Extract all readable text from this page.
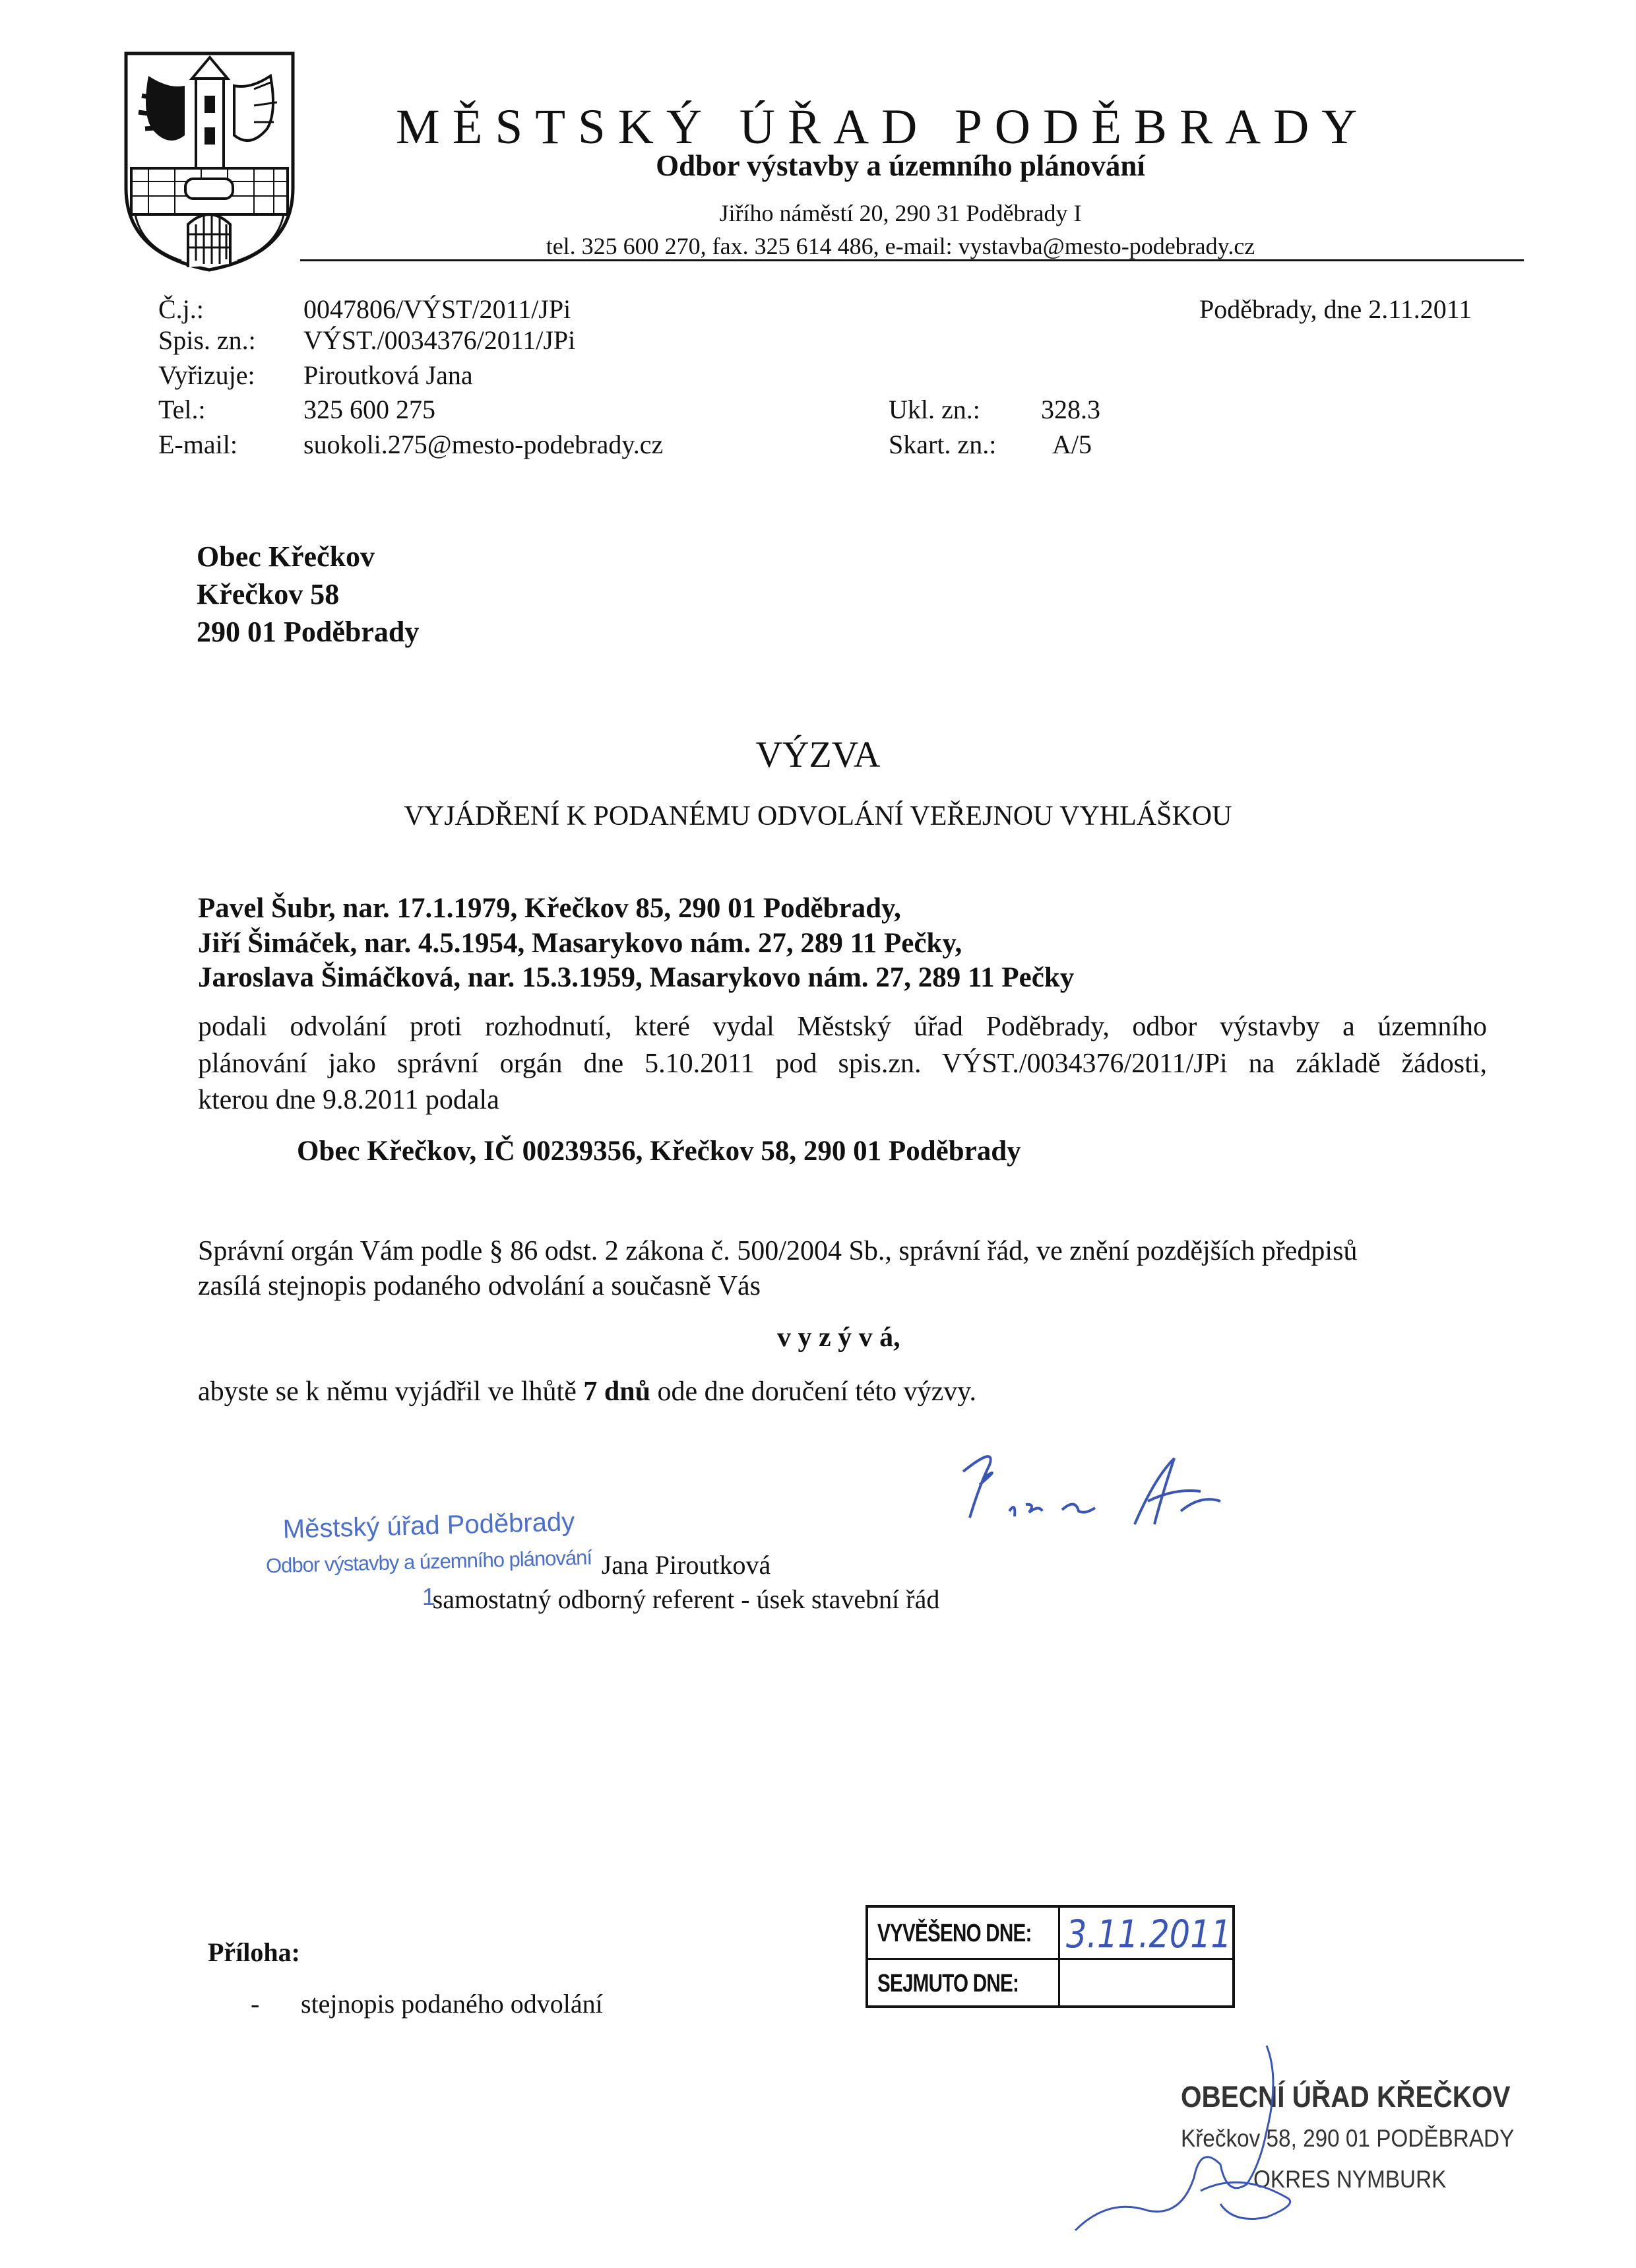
MĚSTSKÝ ÚŘAD PODĚBRADY
Odbor výstavby a územního plánování
Jiřího náměstí 20, 290 31 Poděbrady I
tel. 325 600 270, fax. 325 614 486, e-mail: vystavba@mesto-podebrady.cz
Č.j.:	0047806/VÝST/2011/JPi
Spis. zn.: VÝST./0034376/2011/JPi
Vyřizuje: Piroutková Jana
Tel.:	325 600 275
E-mail:	suokoli.275@mesto-podebrady.cz
Ukl. zn.: 328.3
Skart. zn.: A/5
Poděbrady, dne 2.11.2011
Obec Křečkov
Křečkov 58
290 01 Poděbrady
VÝZVA
VYJÁDŘENÍ K PODANÉMU ODVOLÁNÍ VEŘEJNOU VYHLÁŠKOU
Pavel Šubr, nar. 17.1.1979, Křečkov 85, 290 01 Poděbrady,
Jiří Šimáček, nar. 4.5.1954, Masarykovo nám. 27, 289 11 Pečky,
Jaroslava Šimáčková, nar. 15.3.1959, Masarykovo nám. 27, 289 11 Pečky
podali odvolání proti rozhodnutí, které vydal Městský úřad Poděbrady, odbor výstavby a územního
plánování jako správní orgán dne 5.10.2011 pod spis.zn. VÝST./0034376/2011/JPi na základě žádosti,
kterou dne 9.8.2011 podala
Obec Křečkov, IČ 00239356, Křečkov 58, 290 01 Poděbrady
Správní orgán Vám podle § 86 odst. 2 zákona č. 500/2004 Sb., správní řád, ve znění pozdějších předpisů
zasílá stejnopis podaného odvolání a současně Vás
v y z ý v á,
abyste se k němu vyjádřil ve lhůtě 7 dnů ode dne doručení této výzvy.
Jana Piroutková
samostatný odborný referent - úsek stavební řád
Městský úřad Poděbrady
Odbor výstavby a územního plánování
1
Příloha:
- stejnopis podaného odvolání
VYVĚŠENO DNE: 3.11.2011
SEJMUTO DNE:
OBECNÍ ÚŘAD KŘEČKOV
Křečkov 58, 290 01 PODĚBRADY
OKRES NYMBURK
